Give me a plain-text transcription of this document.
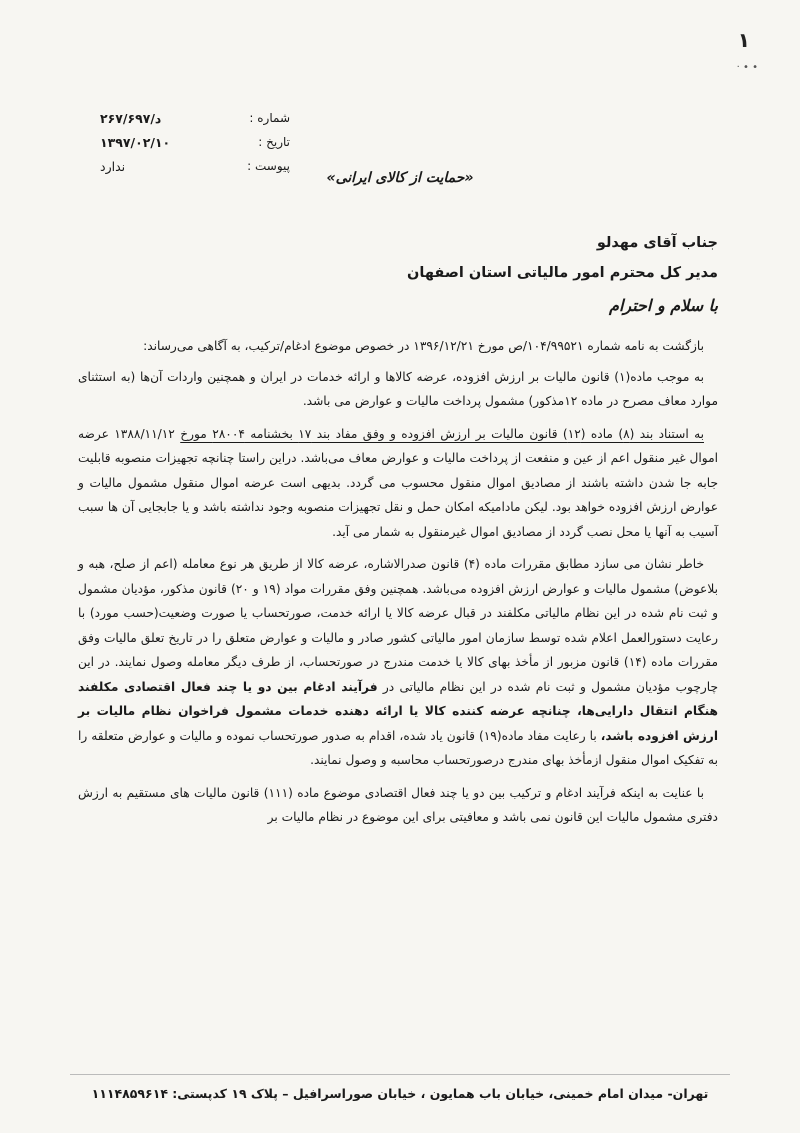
۱
• • ·
شماره :
۲۶۷/۶۹۷/د
تاریخ :
۱۳۹۷/۰۲/۱۰
پیوست :
ندارد
«حمایت از کالای ایرانی»
جناب آقای مهدلو
مدیر کل محترم امور مالیاتی استان اصفهان
با سلام و احترام

بازگشت به نامه شماره ۱۰۴/۹۹۵۲۱/ص مورخ ۱۳۹۶/۱۲/۲۱ در خصوص موضوع ادغام/ترکیب، به آگاهی می‌رساند:

به موجب ماده(۱) قانون مالیات بر ارزش افزوده، عرضه کالاها و ارائه خدمات در ایران و همچنین واردات آن‌ها (به استثنای موارد معاف مصرح در ماده ۱۲مذکور) مشمول پرداخت مالیات و عوارض می باشد.

به استناد بند (۸) ماده (۱۲) قانون مالیات بر ارزش افزوده و وفق مفاد بند ۱۷ بخشنامه ۲۸۰۰۴ مورخ ۱۳۸۸/۱۱/۱۲ عرضه اموال غیر منقول اعم از عین و منفعت از پرداخت مالیات و عوارض معاف می‌باشد. دراین راستا چنانچه تجهیزات منصوبه قابلیت جابه جا شدن داشته باشند از مصادیق اموال منقول محسوب می گردد. بدیهی است عرضه اموال منقول مشمول مالیات و عوارض ارزش افزوده خواهد بود. لیکن مادامیکه امکان حمل و نقل تجهیزات منصوبه وجود نداشته باشد و یا جابجایی آن ها سبب آسیب به آنها یا محل نصب گردد از مصادیق اموال غیرمنقول به شمار می آید.

خاطر نشان می سازد مطابق مقررات ماده (۴) قانون صدرالاشاره، عرضه کالا از طریق هر نوع معامله (اعم از صلح، هبه و بلاعوض) مشمول مالیات و عوارض ارزش افزوده می‌باشد. همچنین وفق مقررات مواد (۱۹ و ۲۰) قانون مذکور، مؤدیان مشمول و ثبت نام شده در این نظام مالیاتی مکلفند در قبال عرضه کالا یا ارائه خدمت، صورتحساب یا صورت وضعیت(حسب مورد) با رعایت دستورالعمل اعلام شده توسط سازمان امور مالیاتی کشور صادر و مالیات و عوارض متعلق را در تاریخ تعلق مالیات وفق مقررات ماده (۱۴) قانون مزبور از مأخذ بهای کالا یا خدمت مندرج در صورتحساب، از طرف دیگر معامله وصول نمایند. در این چارچوب مؤدیان مشمول و ثبت نام شده در این نظام مالیاتی در فرآیند ادغام بین دو یا چند فعال اقتصادی مکلفند هنگام انتقال دارایی‌ها، چنانچه عرضه کننده کالا یا ارائه دهنده خدمات مشمول فراخوان نظام مالیات بر ارزش افزوده باشد، با رعایت مفاد ماده(۱۹) قانون یاد شده، اقدام به صدور صورتحساب نموده و مالیات و عوارض متعلقه را به تفکیک اموال منقول ازمأخذ بهای مندرج درصورتحساب محاسبه و وصول نمایند.

با عنایت به اینکه فرآیند ادغام و ترکیب بین دو یا چند فعال اقتصادی موضوع ماده (۱۱۱) قانون مالیات های مستقیم به ارزش دفتری مشمول مالیات این قانون نمی باشد و معافیتی برای این موضوع در نظام مالیات بر

تهران- میدان امام خمینی، خیابان باب همایون ، خیابان صوراسرافیل – پلاک ۱۹ کدپستی: ۱۱۱۴۸۵۹۶۱۴
